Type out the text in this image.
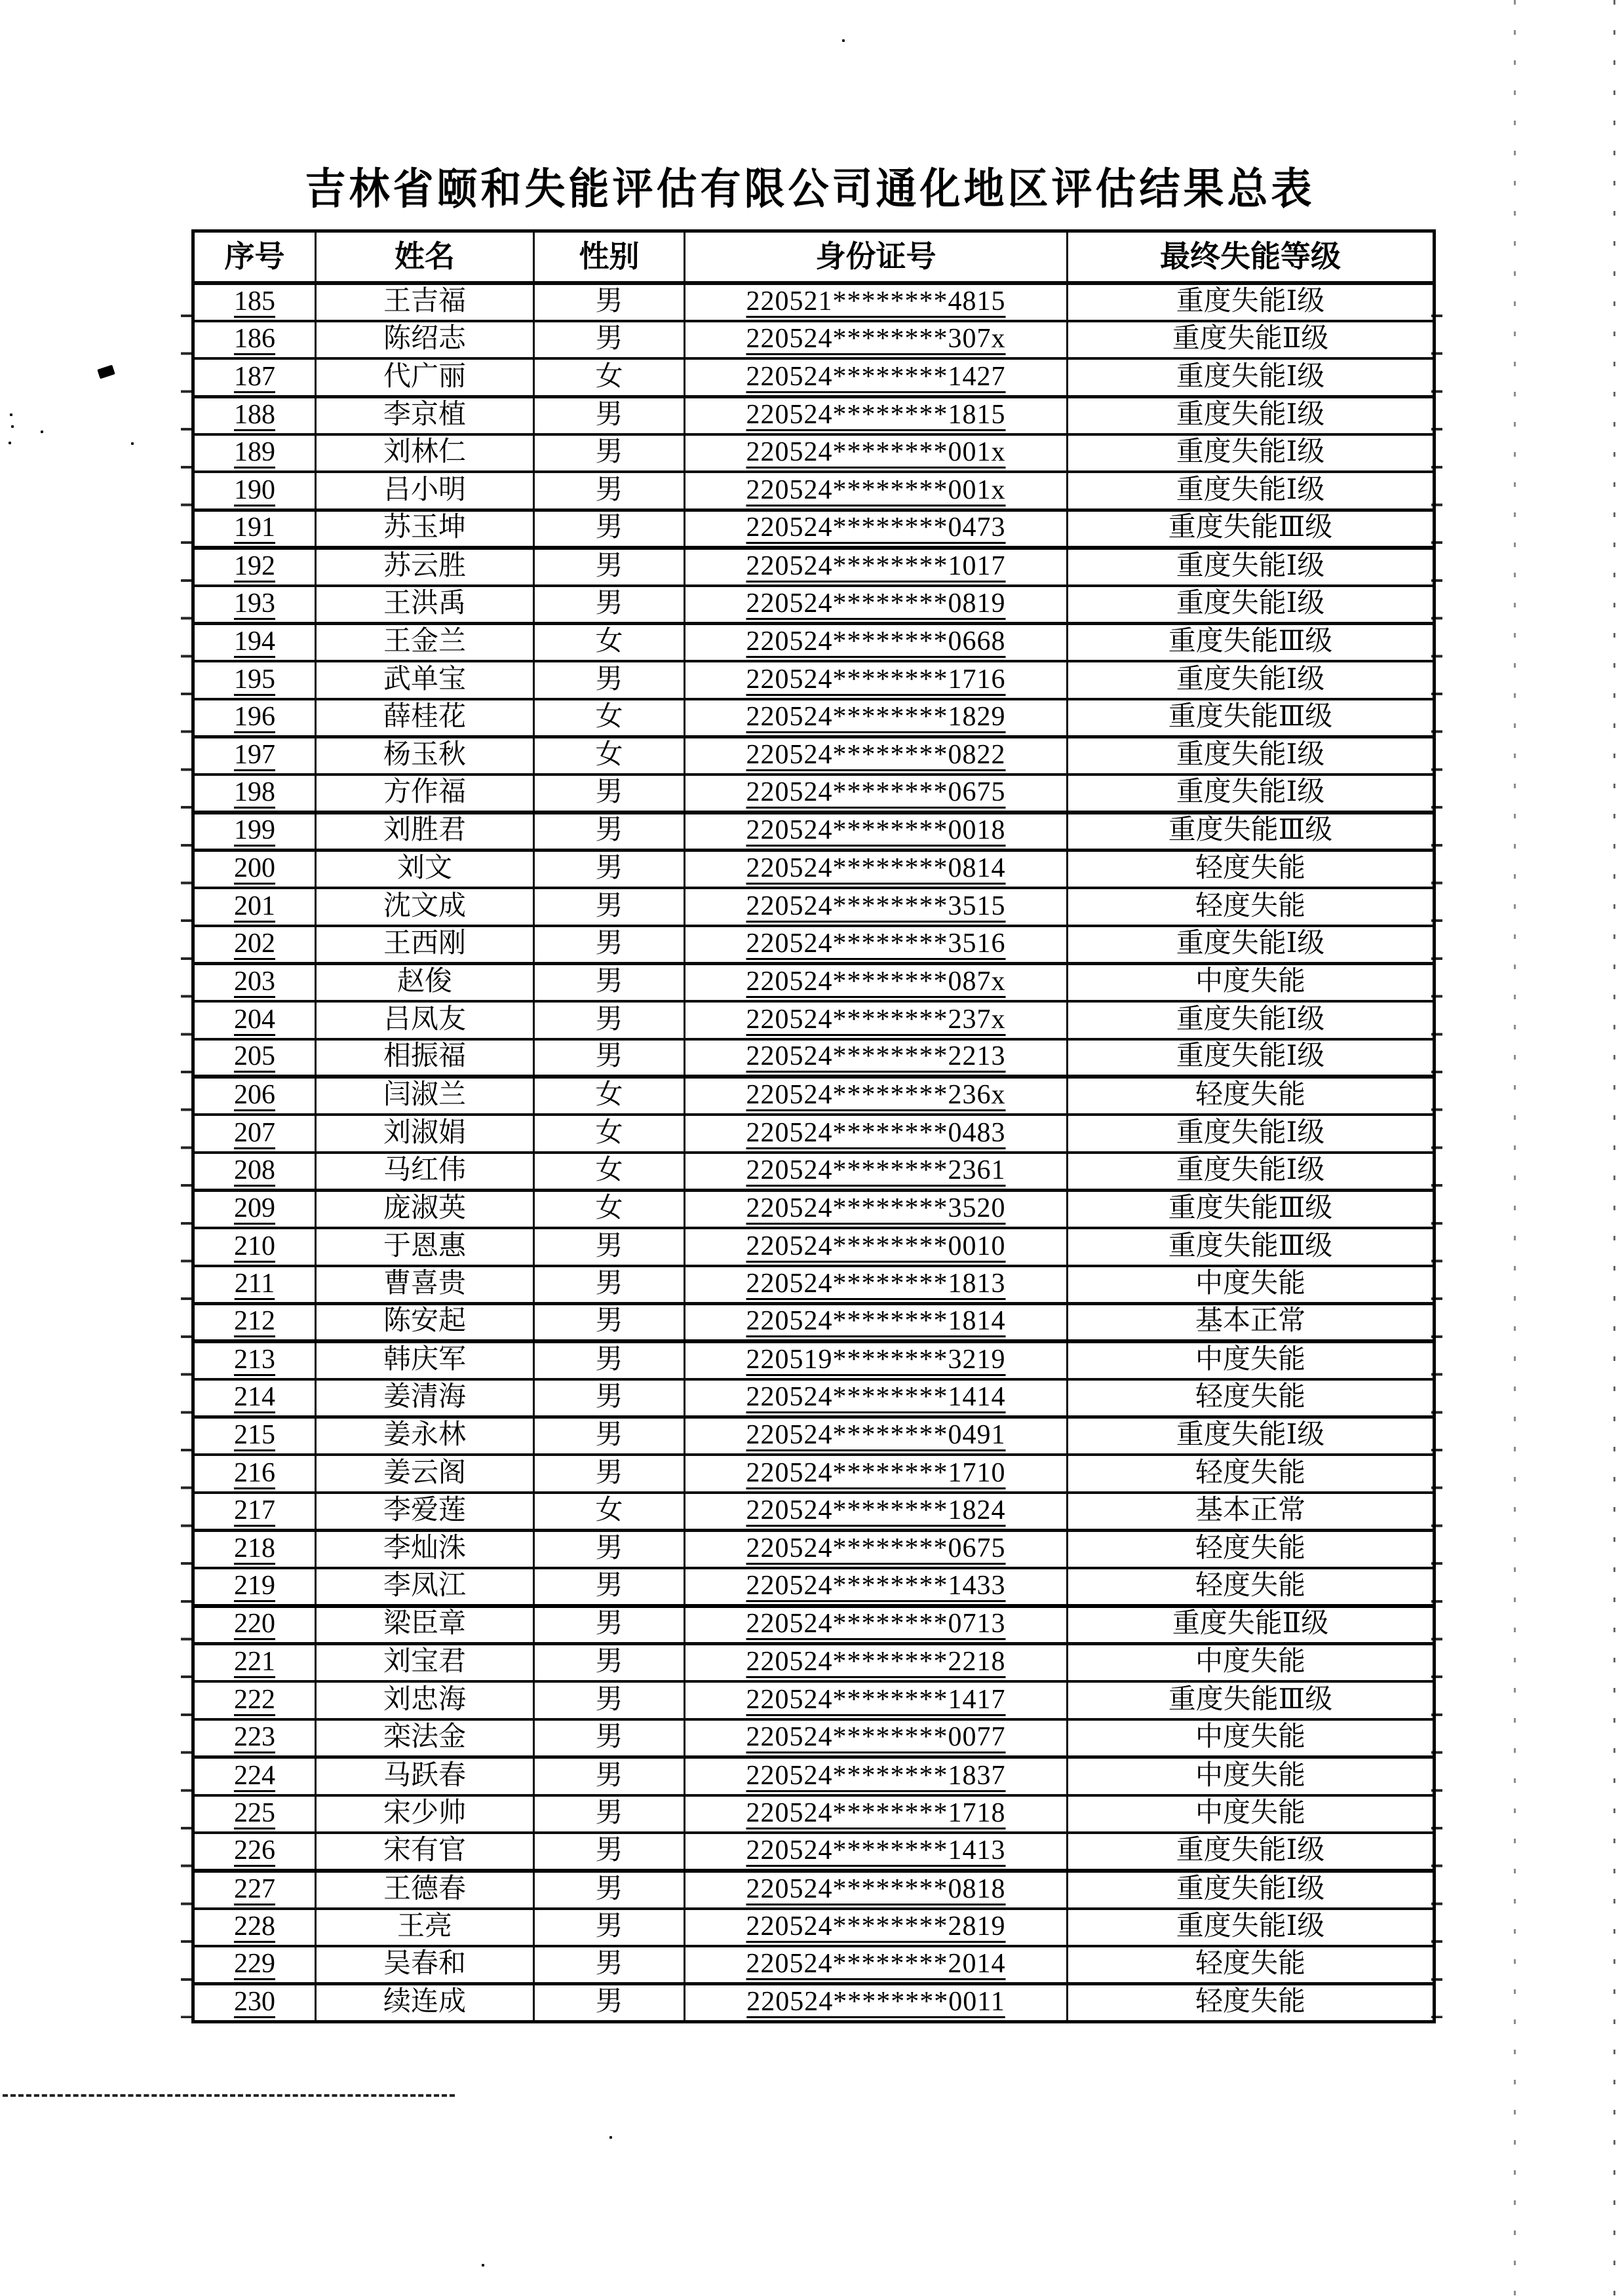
吉林省颐和失能评估有限公司通化地区评估结果总表
序号	姓名	性别	身份证号	最终失能等级
185	王吉福	男	220521********4815	重度失能Ⅰ级
186	陈绍志	男	220524********307x	重度失能Ⅱ级
187	代广丽	女	220524********1427	重度失能Ⅰ级
188	李京植	男	220524********1815	重度失能Ⅰ级
189	刘林仁	男	220524********001x	重度失能Ⅰ级
190	吕小明	男	220524********001x	重度失能Ⅰ级
191	苏玉坤	男	220524********0473	重度失能Ⅲ级
192	苏云胜	男	220524********1017	重度失能Ⅰ级
193	王洪禹	男	220524********0819	重度失能Ⅰ级
194	王金兰	女	220524********0668	重度失能Ⅲ级
195	武单宝	男	220524********1716	重度失能Ⅰ级
196	薛桂花	女	220524********1829	重度失能Ⅲ级
197	杨玉秋	女	220524********0822	重度失能Ⅰ级
198	方作福	男	220524********0675	重度失能Ⅰ级
199	刘胜君	男	220524********0018	重度失能Ⅲ级
200	刘文	男	220524********0814	轻度失能
201	沈文成	男	220524********3515	轻度失能
202	王西刚	男	220524********3516	重度失能Ⅰ级
203	赵俊	男	220524********087x	中度失能
204	吕凤友	男	220524********237x	重度失能Ⅰ级
205	相振福	男	220524********2213	重度失能Ⅰ级
206	闫淑兰	女	220524********236x	轻度失能
207	刘淑娟	女	220524********0483	重度失能Ⅰ级
208	马红伟	女	220524********2361	重度失能Ⅰ级
209	庞淑英	女	220524********3520	重度失能Ⅲ级
210	于恩惠	男	220524********0010	重度失能Ⅲ级
211	曹喜贵	男	220524********1813	中度失能
212	陈安起	男	220524********1814	基本正常
213	韩庆军	男	220519********3219	中度失能
214	姜清海	男	220524********1414	轻度失能
215	姜永林	男	220524********0491	重度失能Ⅰ级
216	姜云阁	男	220524********1710	轻度失能
217	李爱莲	女	220524********1824	基本正常
218	李灿洙	男	220524********0675	轻度失能
219	李凤江	男	220524********1433	轻度失能
220	梁臣章	男	220524********0713	重度失能Ⅱ级
221	刘宝君	男	220524********2218	中度失能
222	刘忠海	男	220524********1417	重度失能Ⅲ级
223	栾法金	男	220524********0077	中度失能
224	马跃春	男	220524********1837	中度失能
225	宋少帅	男	220524********1718	中度失能
226	宋有官	男	220524********1413	重度失能Ⅰ级
227	王德春	男	220524********0818	重度失能Ⅰ级
228	王亮	男	220524********2819	重度失能Ⅰ级
229	吴春和	男	220524********2014	轻度失能
230	续连成	男	220524********0011	轻度失能
